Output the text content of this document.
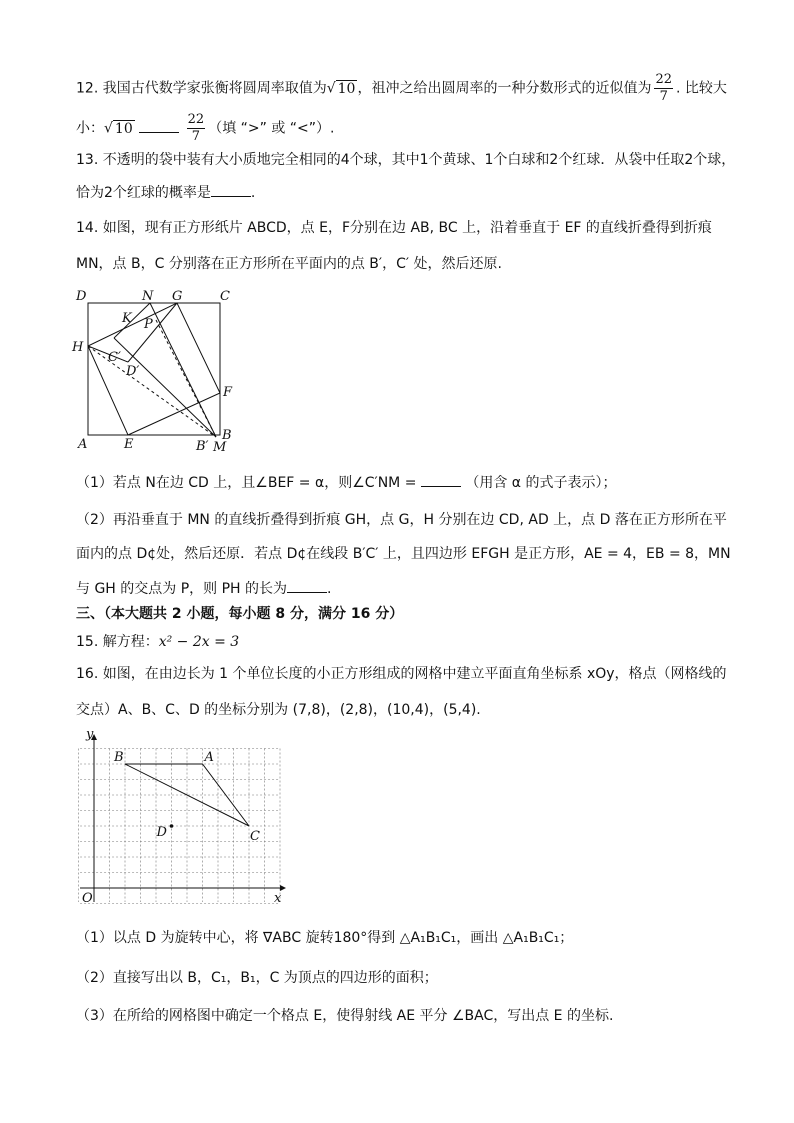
12. 我国古代数学家张衡将圆周率取值为√ 10 ，祖冲之给出圆周率的一种分数形式的近似值为 $\frac{22}{7}$ . 比较大
小：√ 10	$\frac{22}{7}$ （填 “>” 或 “<”）.
13. 不透明的袋中装有大小质地完全相同的4个球，其中1个黄球、1个白球和2个红球．从袋中任取2个球，
恰为2个红球的概率是	.
14. 如图，现有正方形纸片 ABCD，点 E，F分别在边 AB, BC 上，沿着垂直于 EF 的直线折叠得到折痕
MN，点 B，C 分别落在正方形所在平面内的点 B′，C′ 处，然后还原.
D	N G	C
K P
H
C′
D′
F
A	E	B′
B
M
（1）若点 N在边 CD 上，且∠BEF = α，则∠C′NM =	（用含 α 的式子表示）；
（2）再沿垂直于 MN 的直线折叠得到折痕 GH，点 G，H 分别在边 CD, AD 上，点 D 落在正方形所在平
面内的点 D¢处，然后还原．若点 D¢在线段 B′C′ 上，且四边形 EFGH 是正方形，AE = 4，EB = 8，MN
与 GH 的交点为 P，则 PH 的长为	.
三、（本大题共 2 小题，每小题 8 分，满分 16 分）
15. 解方程：x² − 2x = 3
16. 如图，在由边长为 1 个单位长度的小正方形组成的网格中建立平面直角坐标系 xOy，格点（网格线的
交点）A、B、C、D 的坐标分别为 (7,8)，(2,8)，(10,4)，(5,4).
y
x
O
B	A
C
D
（1）以点 D 为旋转中心，将 ∇ABC 旋转180°得到 △A₁B₁C₁，画出 △A₁B₁C₁；
（2）直接写出以 B，C₁，B₁，C 为顶点的四边形的面积；
（3）在所给的网格图中确定一个格点 E，使得射线 AE 平分 ∠BAC，写出点 E 的坐标.
